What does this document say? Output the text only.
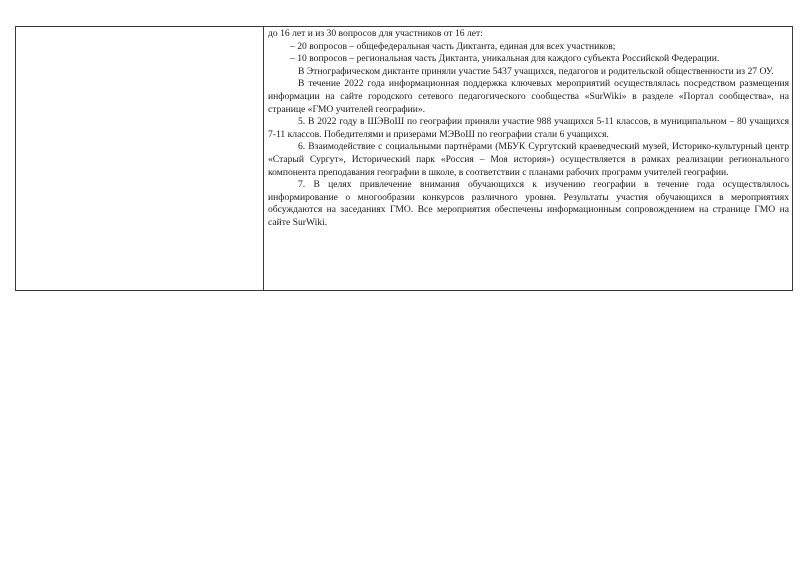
до 16 лет и из 30 вопросов для участников от 16 лет:

– 20 вопросов – общефедеральная часть Диктанта, единая для всех участников;

– 10 вопросов – региональная часть Диктанта, уникальная для каждого субъекта Российской Федерации.

В Этнографическом диктанте приняли участие 5437 учащихся, педагогов и родительской общественности из 27 ОУ.

В течение 2022 года информационная поддержка ключевых мероприятий осуществлялась посредством размещения информации на сайте городского сетевого педагогического сообщества «SurWiki» в разделе «Портал сообщества», на странице «ГМО учителей географии».

5. В 2022 году в ШЭВоШ по географии приняли участие 988 учащихся 5-11 классов, в муниципальном – 80 учащихся 7-11 классов. Победителями и призерами МЭВоШ по географии стали 6 учащихся.

6. Взаимодействие с социальными партнёрами (МБУК Сургутский краеведческий музей, Историко-культурный центр «Старый Сургут», Исторический парк «Россия – Моя история») осуществляется в рамках реализации регионального компонента преподавания географии в школе, в соответствии с планами рабочих программ учителей географии.

7. В целях привлечение внимания обучающихся к изучению географии в течение года осуществлялось информирование о многообразии конкурсов различного уровня. Результаты участия обучающихся в мероприятиях обсуждаются на заседаниях ГМО. Все мероприятия обеспечены информационным сопровождением на странице ГМО на сайте SurWiki.
